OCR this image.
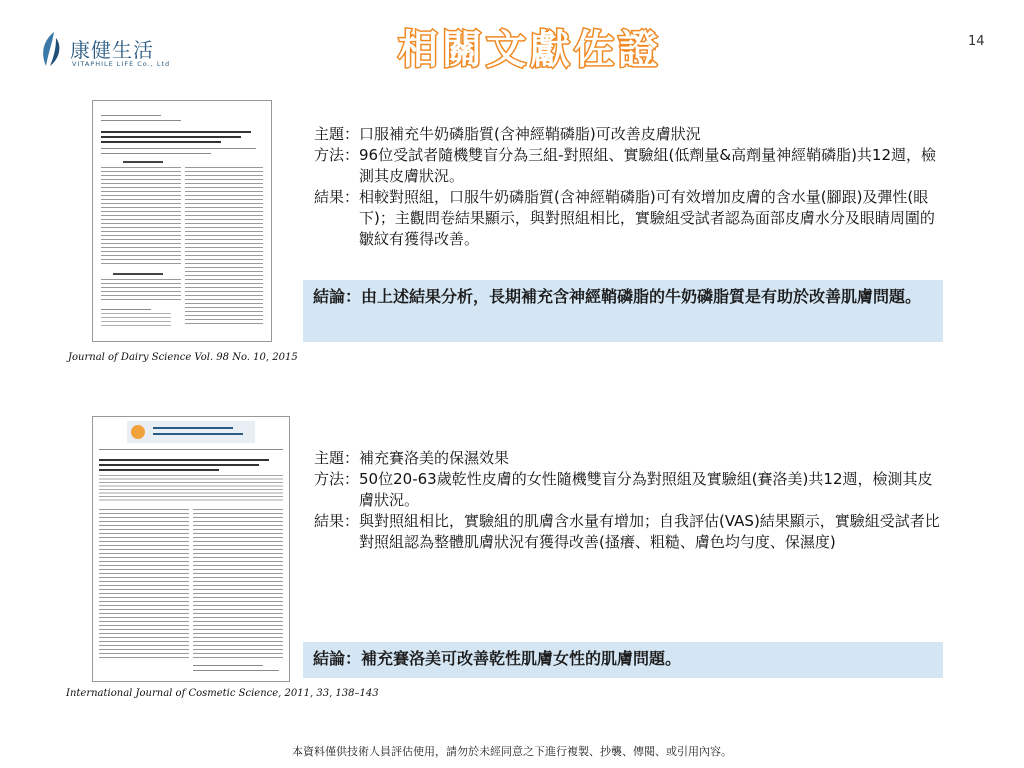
康健生活
VITAPHILE LIFE Co., Ltd	相關文獻佐證	14
Journal of Dairy Science Vol. 98 No. 10, 2015
International Journal of Cosmetic Science, 2011, 33, 138–143
主題： 口服補充牛奶磷脂質(含神經鞘磷脂)可改善皮膚狀況
方法： 96位受試者隨機雙盲分為三組-對照組、實驗組(低劑量&高劑量神經鞘磷脂)共12週，檢測其皮膚狀況。
結果： 相較對照組，口服牛奶磷脂質(含神經鞘磷脂)可有效增加皮膚的含水量(腳跟)及彈性(眼下)；主觀問卷結果顯示，與對照組相比，實驗組受試者認為面部皮膚水分及眼睛周圍的皺紋有獲得改善。
結論： 由上述結果分析，長期補充含神經鞘磷脂的牛奶磷脂質是有助於改善肌膚問題。
主題： 補充賽洛美的保濕效果
方法： 50位20-63歲乾性皮膚的女性隨機雙盲分為對照組及實驗組(賽洛美)共12週，檢測其皮膚狀況。
結果： 與對照組相比，實驗組的肌膚含水量有增加；自我評估(VAS)結果顯示，實驗組受試者比對照組認為整體肌膚狀況有獲得改善(搔癢、粗糙、膚色均勻度、保濕度)
結論： 補充賽洛美可改善乾性肌膚女性的肌膚問題。
本資料僅供技術人員評估使用，請勿於未經同意之下進行複製、抄襲、傳閱、或引用內容。
